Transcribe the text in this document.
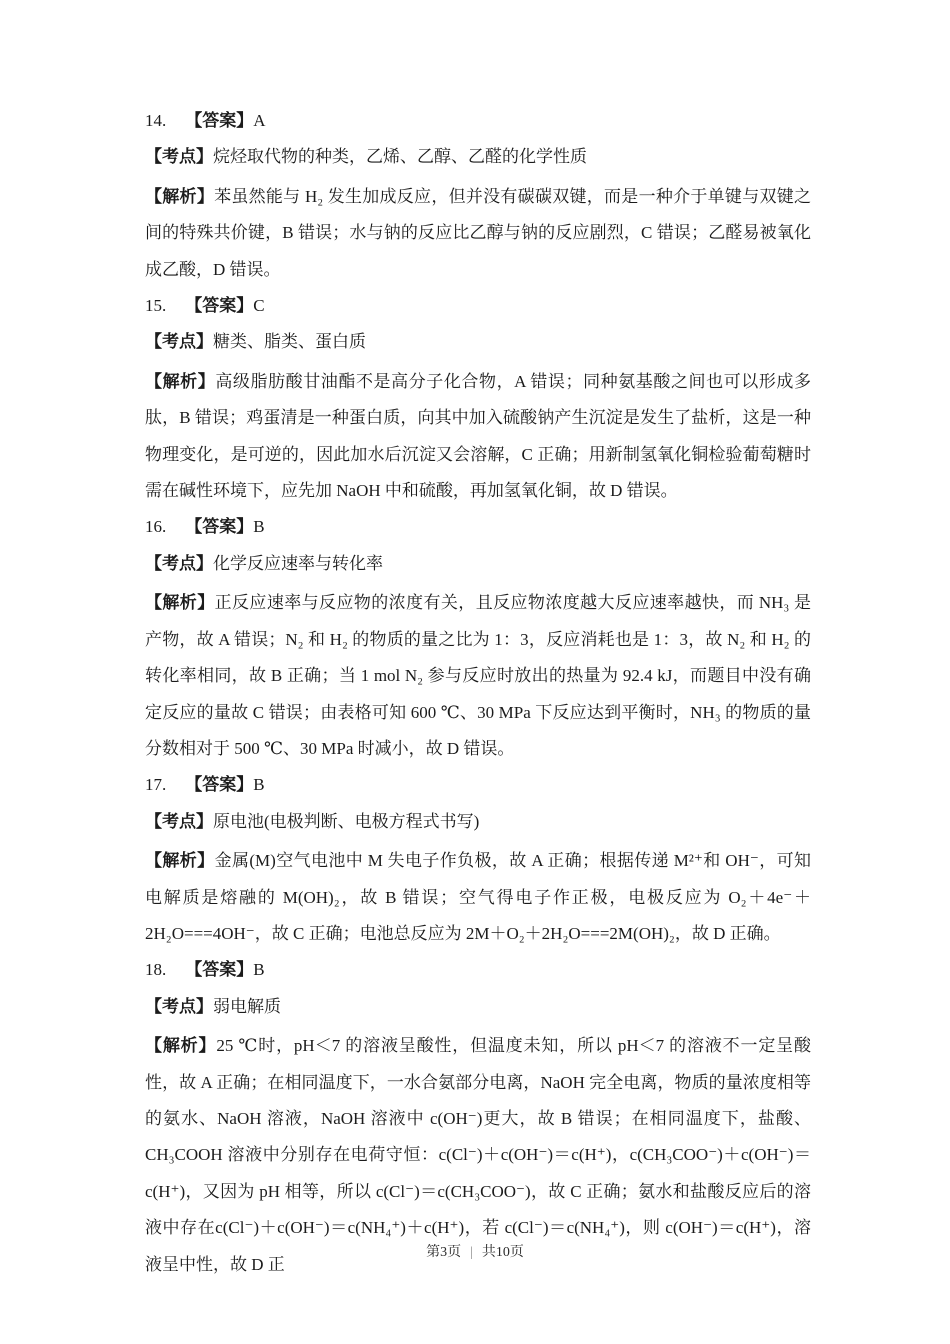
14. 【答案】A
【考点】烷烃取代物的种类，乙烯、乙醇、乙醛的化学性质

【解析】苯虽然能与 H₂ 发生加成反应，但并没有碳碳双键，而是一种介于单键与双键之间的特殊共价键，B 错误；水与钠的反应比乙醇与钠的反应剧烈，C 错误；乙醛易被氧化成乙酸，D 错误。

15. 【答案】C
【考点】糖类、脂类、蛋白质

【解析】高级脂肪酸甘油酯不是高分子化合物，A 错误；同种氨基酸之间也可以形成多肽，B 错误；鸡蛋清是一种蛋白质，向其中加入硫酸钠产生沉淀是发生了盐析，这是一种物理变化，是可逆的，因此加水后沉淀又会溶解，C 正确；用新制氢氧化铜检验葡萄糖时需在碱性环境下，应先加 NaOH 中和硫酸，再加氢氧化铜，故 D 错误。

16. 【答案】B
【考点】化学反应速率与转化率

【解析】正反应速率与反应物的浓度有关，且反应物浓度越大反应速率越快，而 NH₃ 是产物，故 A 错误；N₂ 和 H₂ 的物质的量之比为 1：3，反应消耗也是 1：3，故 N₂ 和 H₂ 的转化率相同，故 B 正确；当 1 mol N₂ 参与反应时放出的热量为 92.4 kJ，而题目中没有确定反应的量故 C 错误；由表格可知 600 ℃、30 MPa 下反应达到平衡时，NH₃ 的物质的量分数相对于 500 ℃、30 MPa 时减小，故 D 错误。

17. 【答案】B
【考点】原电池(电极判断、电极方程式书写)

【解析】金属(M)空气电池中 M 失电子作负极，故 A 正确；根据传递 M²⁺和 OH⁻，可知电解质是熔融的 M(OH)₂，故 B 错误；空气得电子作正极，电极反应为 O₂＋4e⁻＋2H₂O===4OH⁻，故 C 正确；电池总反应为 2M＋O₂＋2H₂O===2M(OH)₂，故 D 正确。

18. 【答案】B
【考点】弱电解质

【解析】25 ℃时，pH＜7 的溶液呈酸性，但温度未知，所以 pH＜7 的溶液不一定呈酸性，故 A 正确；在相同温度下，一水合氨部分电离，NaOH 完全电离，物质的量浓度相等的氨水、NaOH 溶液，NaOH 溶液中 c(OH⁻)更大，故 B 错误；在相同温度下，盐酸、CH₃COOH 溶液中分别存在电荷守恒：c(Cl⁻)＋c(OH⁻)＝c(H⁺)，c(CH₃COO⁻)＋c(OH⁻)＝c(H⁺)，又因为 pH 相等，所以 c(Cl⁻)＝c(CH₃COO⁻)，故 C 正确；氨水和盐酸反应后的溶液中存在c(Cl⁻)＋c(OH⁻)＝c(NH₄⁺)＋c(H⁺)，若 c(Cl⁻)＝c(NH₄⁺)，则 c(OH⁻)＝c(H⁺)，溶液呈中性，故 D 正

第3页 | 共10页
